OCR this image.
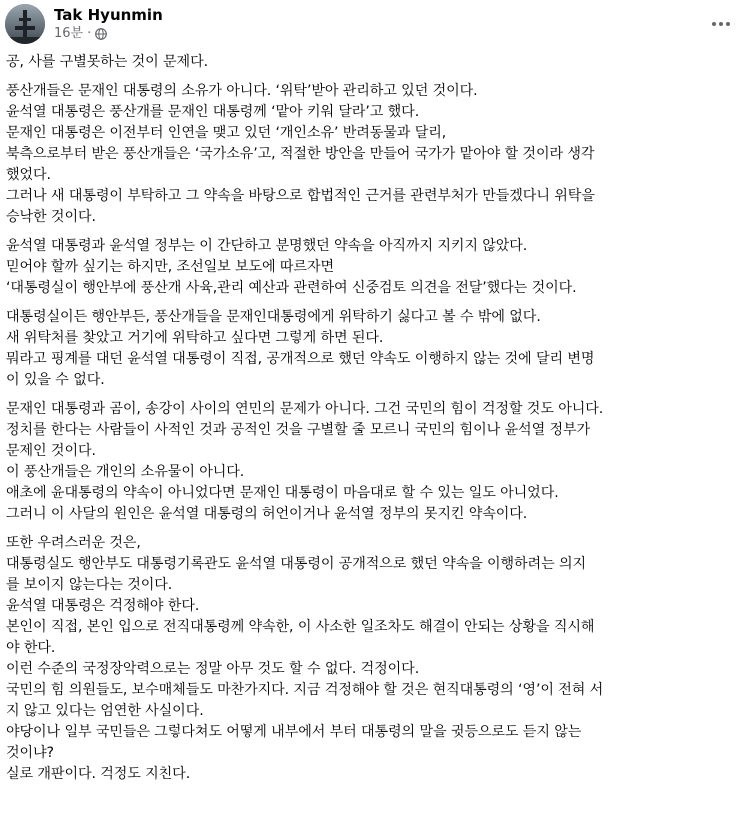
Tak Hyunmin
16분 ·
공, 사를 구별못하는 것이 문제다.
풍산개들은 문재인 대통령의 소유가 아니다. ‘위탁’받아 관리하고 있던 것이다.
윤석열 대통령은 풍산개를 문재인 대통령께 ‘맡아 키워 달라’고 했다.
문재인 대통령은 이전부터 인연을 맺고 있던 ‘개인소유’ 반려동물과 달리,
북측으로부터 받은 풍산개들은 ‘국가소유’고, 적절한 방안을 만들어 국가가 맡아야 할 것이라 생각
했었다.
그러나 새 대통령이 부탁하고 그 약속을 바탕으로 합법적인 근거를 관련부처가 만들겠다니 위탁을
승낙한 것이다.
윤석열 대통령과 윤석열 정부는 이 간단하고 분명했던 약속을 아직까지 지키지 않았다.
믿어야 할까 싶기는 하지만, 조선일보 보도에 따르자면
‘대통령실이 행안부에 풍산개 사육,관리 예산과 관련하여 신중검토 의견을 전달’했다는 것이다.
대통령실이든 행안부든, 풍산개들을 문재인대통령에게 위탁하기 싫다고 볼 수 밖에 없다.
새 위탁처를 찾았고 거기에 위탁하고 싶다면 그렇게 하면 된다.
뭐라고 핑계를 대던 윤석열 대통령이 직접, 공개적으로 했던 약속도 이행하지 않는 것에 달리 변명
이 있을 수 없다.
문재인 대통령과 곰이, 송강이 사이의 연민의 문제가 아니다. 그건 국민의 힘이 걱정할 것도 아니다.
정치를 한다는 사람들이 사적인 것과 공적인 것을 구별할 줄 모르니 국민의 힘이나 윤석열 정부가
문제인 것이다.
이 풍산개들은 개인의 소유물이 아니다.
애초에 윤대통령의 약속이 아니었다면 문재인 대통령이 마음대로 할 수 있는 일도 아니었다.
그러니 이 사달의 원인은 윤석열 대통령의 허언이거나 윤석열 정부의 못지킨 약속이다.
또한 우려스러운 것은,
대통령실도 행안부도 대통령기록관도 윤석열 대통령이 공개적으로 했던 약속을 이행하려는 의지
를 보이지 않는다는 것이다.
윤석열 대통령은 걱정해야 한다.
본인이 직접, 본인 입으로 전직대통령께 약속한, 이 사소한 일조차도 해결이 안되는 상황을 직시해
야 한다.
이런 수준의 국정장악력으로는 정말 아무 것도 할 수 없다. 걱정이다.
국민의 힘 의원들도, 보수매체들도 마찬가지다. 지금 걱정해야 할 것은 현직대통령의 ‘영’이 전혀 서
지 않고 있다는 엄연한 사실이다.
야당이나 일부 국민들은 그렇다쳐도 어떻게 내부에서 부터 대통령의 말을 귓등으로도 듣지 않는
것이냐?
실로 개판이다. 걱정도 지친다.
